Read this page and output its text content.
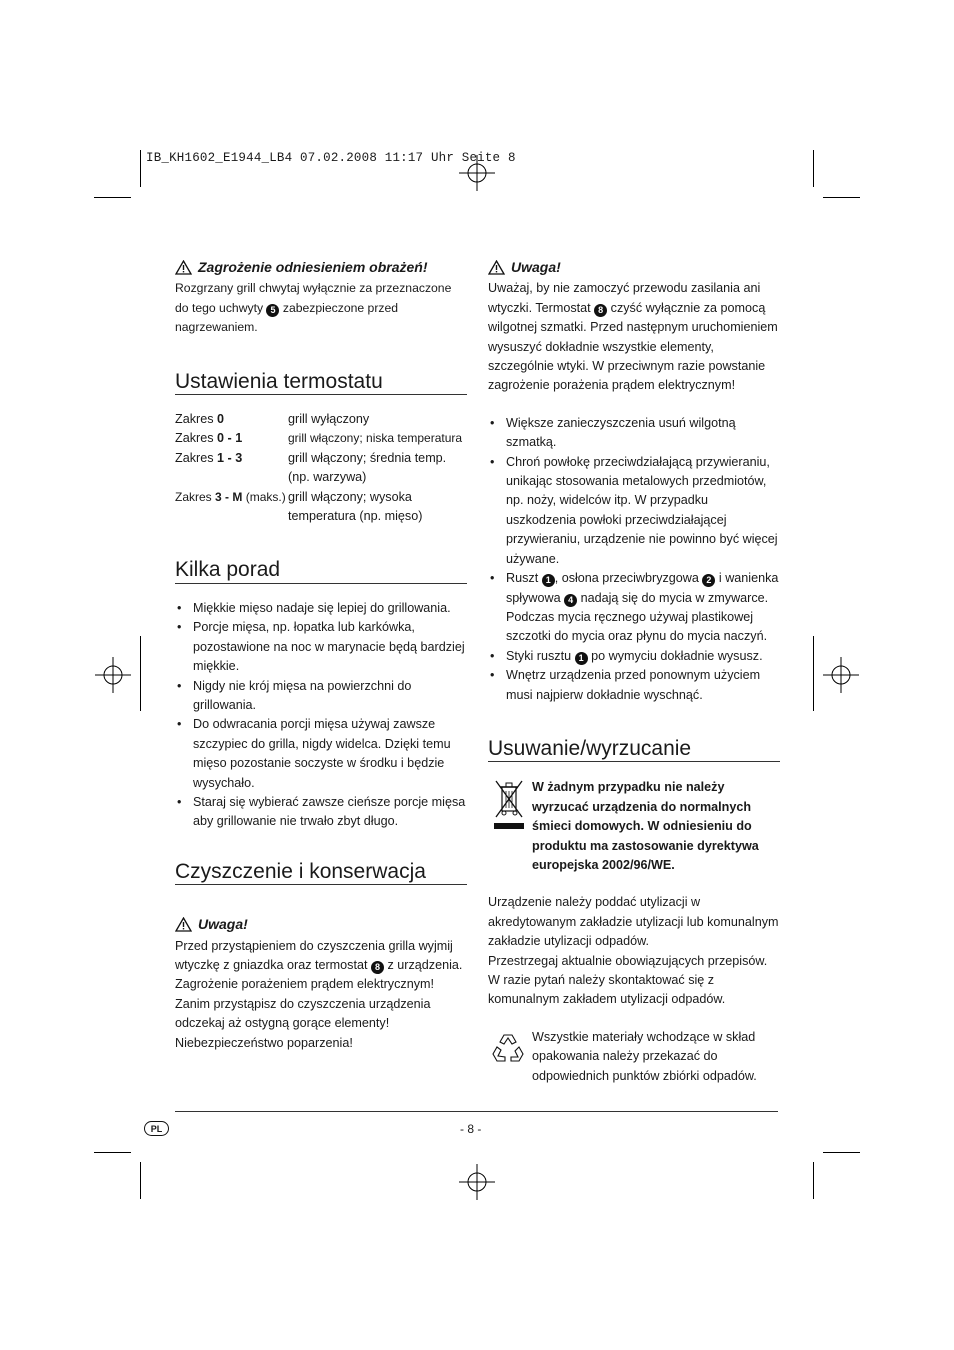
IB_KH1602_E1944_LB4 07.02.2008 11:17 Uhr Seite 8
Zagrożenie odniesieniem obrażeń!

Rozgrzany grill chwytaj wyłącznie za przeznaczone do tego uchwyty 5 zabezpieczone przed nagrzewaniem.

Ustawienia termostatu
Zakres 0	grill wyłączony
Zakres 0 - 1	grill włączony; niska temperatura
Zakres 1 - 3	grill włączony; średnia temp. (np. warzywa)
Zakres 3 - M (maks.)	grill włączony; wysoka temperatura (np. mięso)
Kilka porad
• Miękkie mięso nadaje się lepiej do grillowania.
• Porcje mięsa, np. łopatka lub karkówka, pozostawione na noc w marynacie będą bardziej miękkie.
• Nigdy nie krój mięsa na powierzchni do grillowania.
• Do odwracania porcji mięsa używaj zawsze szczypiec do grilla, nigdy widelca. Dzięki temu mięso pozostanie soczyste w środku i będzie wysychało.
• Staraj się wybierać zawsze cieńsze porcje mięsa aby grillowanie nie trwało zbyt długo.
Czyszczenie i konserwacja
Uwaga!

Przed przystąpieniem do czyszczenia grilla wyjmij wtyczkę z gniazdka oraz termostat 8 z urządzenia. Zagrożenie porażeniem prądem elektrycznym! Zanim przystąpisz do czyszczenia urządzenia odczekaj aż ostygną gorące elementy! Niebezpieczeństwo poparzenia!

Uwaga!

Uważaj, by nie zamoczyć przewodu zasilania ani wtyczki. Termostat 8 czyść wyłącznie za pomocą wilgotnej szmatki. Przed następnym uruchomieniem wysuszyć dokładnie wszystkie elementy, szczególnie wtyki. W przeciwnym razie powstanie zagrożenie porażenia prądem elektrycznym!

• Większe zanieczyszczenia usuń wilgotną szmatką.
• Chroń powłokę przeciwdziałającą przywieraniu, unikając stosowania metalowych przedmiotów, np. noży, widelców itp. W przypadku uszkodzenia powłoki przeciwdziałającej przywieraniu, urządzenie nie powinno być więcej używane.
• Ruszt 1 , osłona przeciwbryzgowa 2 i wanienka spływowa 4 nadają się do mycia w zmywarce. Podczas mycia ręcznego używaj plastikowej szczotki do mycia oraz płynu do mycia naczyń.
• Styki rusztu 1 po wymyciu dokładnie wysusz.
• Wnętrz urządzenia przed ponownym użyciem musi najpierw dokładnie wyschnąć.
Usuwanie/wyrzucanie

W żadnym przypadku nie należy wyrzucać urządzenia do normalnych śmieci domowych. W odniesieniu do produktu ma zastosowanie dyrektywa europejska 2002/96/WE.

Urządzenie należy poddać utylizacji w akredytowanym zakładzie utylizacji lub komunalnym zakładzie utylizacji odpadów.

Przestrzegaj aktualnie obowiązujących przepisów. W razie pytań należy skontaktować się z komunalnym zakładem utylizacji odpadów.

Wszystkie materiały wchodzące w skład opakowania należy przekazać do odpowiednich punktów zbiórki odpadów.

PL	- 8 -
